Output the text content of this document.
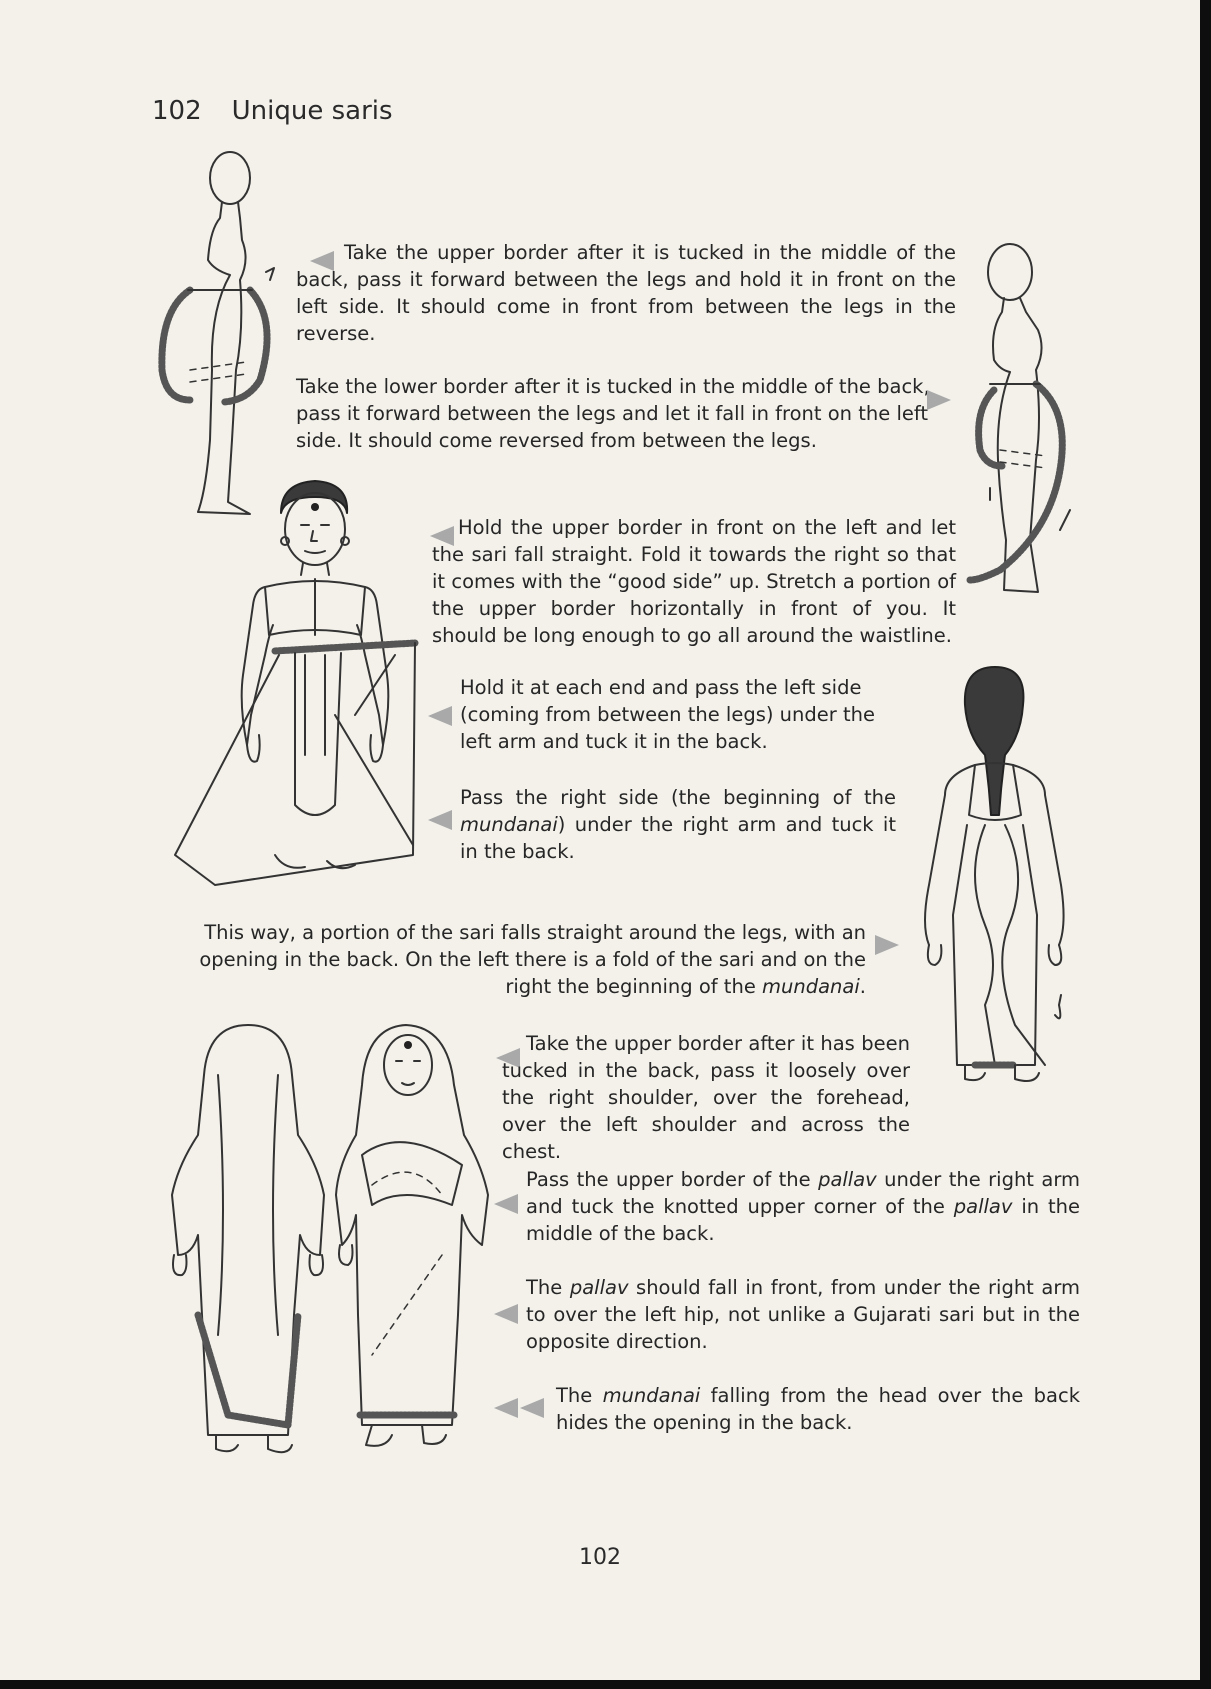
102 Unique saris
Take the upper border after it is tucked in the middle of the back, pass it forward between the legs and hold it in front on the left side. It should come in front from between the legs in the reverse.
Take the lower border after it is tucked in the middle of the back, pass it forward between the legs and let it fall in front on the left side. It should come reversed from between the legs.
Hold the upper border in front on the left and let the sari fall straight. Fold it towards the right so that it comes with the “good side” up. Stretch a portion of the upper border horizontally in front of you. It should be long enough to go all around the waistline.
Hold it at each end and pass the left side (coming from between the legs) under the left arm and tuck it in the back.
Pass the right side (the beginning of the mundanai) under the right arm and tuck it in the back.
This way, a portion of the sari falls straight around the legs, with an opening in the back. On the left there is a fold of the sari and on the right the beginning of the mundanai.
Take the upper border after it has been tucked in the back, pass it loosely over the right shoulder, over the forehead, over the left shoulder and across the chest.
Pass the upper border of the pallav under the right arm and tuck the knotted upper corner of the pallav in the middle of the back.
The pallav should fall in front, from under the right arm to over the left hip, not unlike a Gujarati sari but in the opposite direction.
The mundanai falling from the head over the back hides the opening in the back.
102
